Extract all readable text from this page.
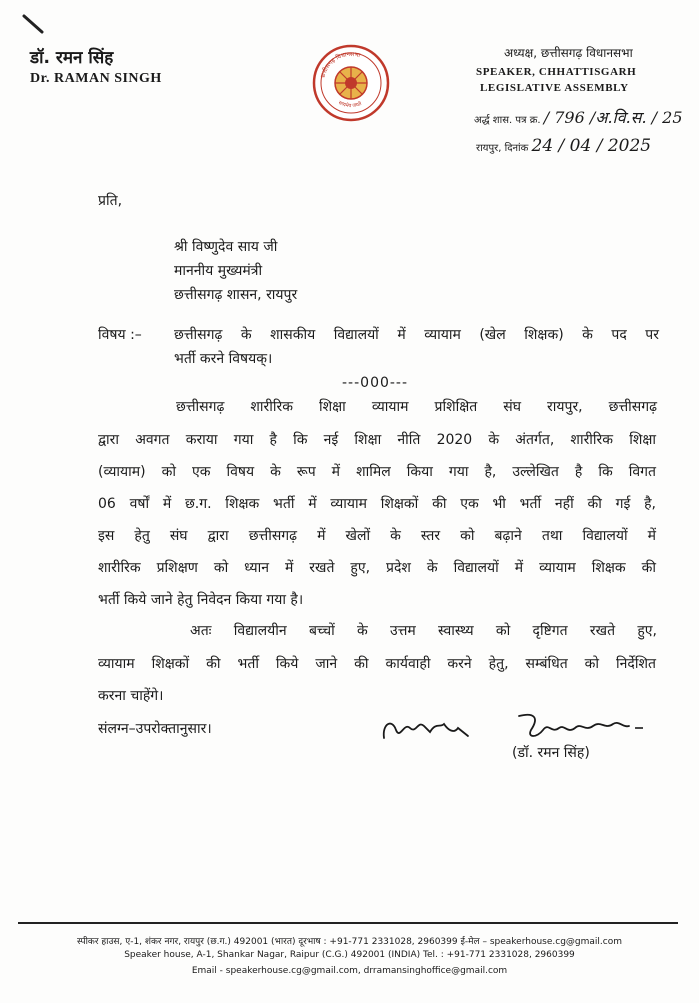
डॉ. रमन सिंह
Dr. RAMAN SINGH	छत्तीसगढ़ विधानसभा
सत्यमेव जयते
अध्यक्ष, छत्तीसगढ़ विधानसभा
SPEAKER, CHHATTISGARH
LEGISLATIVE ASSEMBLY
अर्द्ध शास. पत्र क्र. / 796 /अ.वि.स. / 25
रायपुर, दिनांक 24 / 04 / 2025
प्रति,
श्री विष्णुदेव साय जी
माननीय मुख्यमंत्री
छत्तीसगढ़ शासन, रायपुर
विषय :– छत्तीसगढ़ के शासकीय विद्यालयों में व्यायाम (खेल शिक्षक) के पद पर
भर्ती करने विषयक्।
---000---
छत्तीसगढ़ शारीरिक शिक्षा व्यायाम प्रशिक्षित संघ रायपुर, छत्तीसगढ़
द्वारा अवगत कराया गया है कि नई शिक्षा नीति 2020 के अंतर्गत, शारीरिक शिक्षा
(व्यायाम) को एक विषय के रूप में शामिल किया गया है, उल्लेखित है कि विगत
06 वर्षों में छ.ग. शिक्षक भर्ती में व्यायाम शिक्षकों की एक भी भर्ती नहीं की गई है,
इस हेतु संघ द्वारा छत्तीसगढ़ में खेलों के स्तर को बढ़ाने तथा विद्यालयों में
शारीरिक प्रशिक्षण को ध्यान में रखते हुए, प्रदेश के विद्यालयों में व्यायाम शिक्षक की
भर्ती किये जाने हेतु निवेदन किया गया है।
अतः विद्यालयीन बच्चों के उत्तम स्वास्थ्य को दृष्टिगत रखते हुए,
व्यायाम शिक्षकों की भर्ती किये जाने की कार्यवाही करने हेतु, सम्बंधित को निर्देशित
करना चाहेंगे।
संलग्न–उपरोक्तानुसार।
(डॉ. रमन सिंह)
स्पीकर हाउस, ए-1, शंकर नगर, रायपुर (छ.ग.) 492001 (भारत) दूरभाष : +91-771 2331028, 2960399 ई-मेल – speakerhouse.cg@gmail.com
Speaker house, A-1, Shankar Nagar, Raipur (C.G.) 492001 (INDIA) Tel. : +91-771 2331028, 2960399
Email - speakerhouse.cg@gmail.com, drramansinghoffice@gmail.com
